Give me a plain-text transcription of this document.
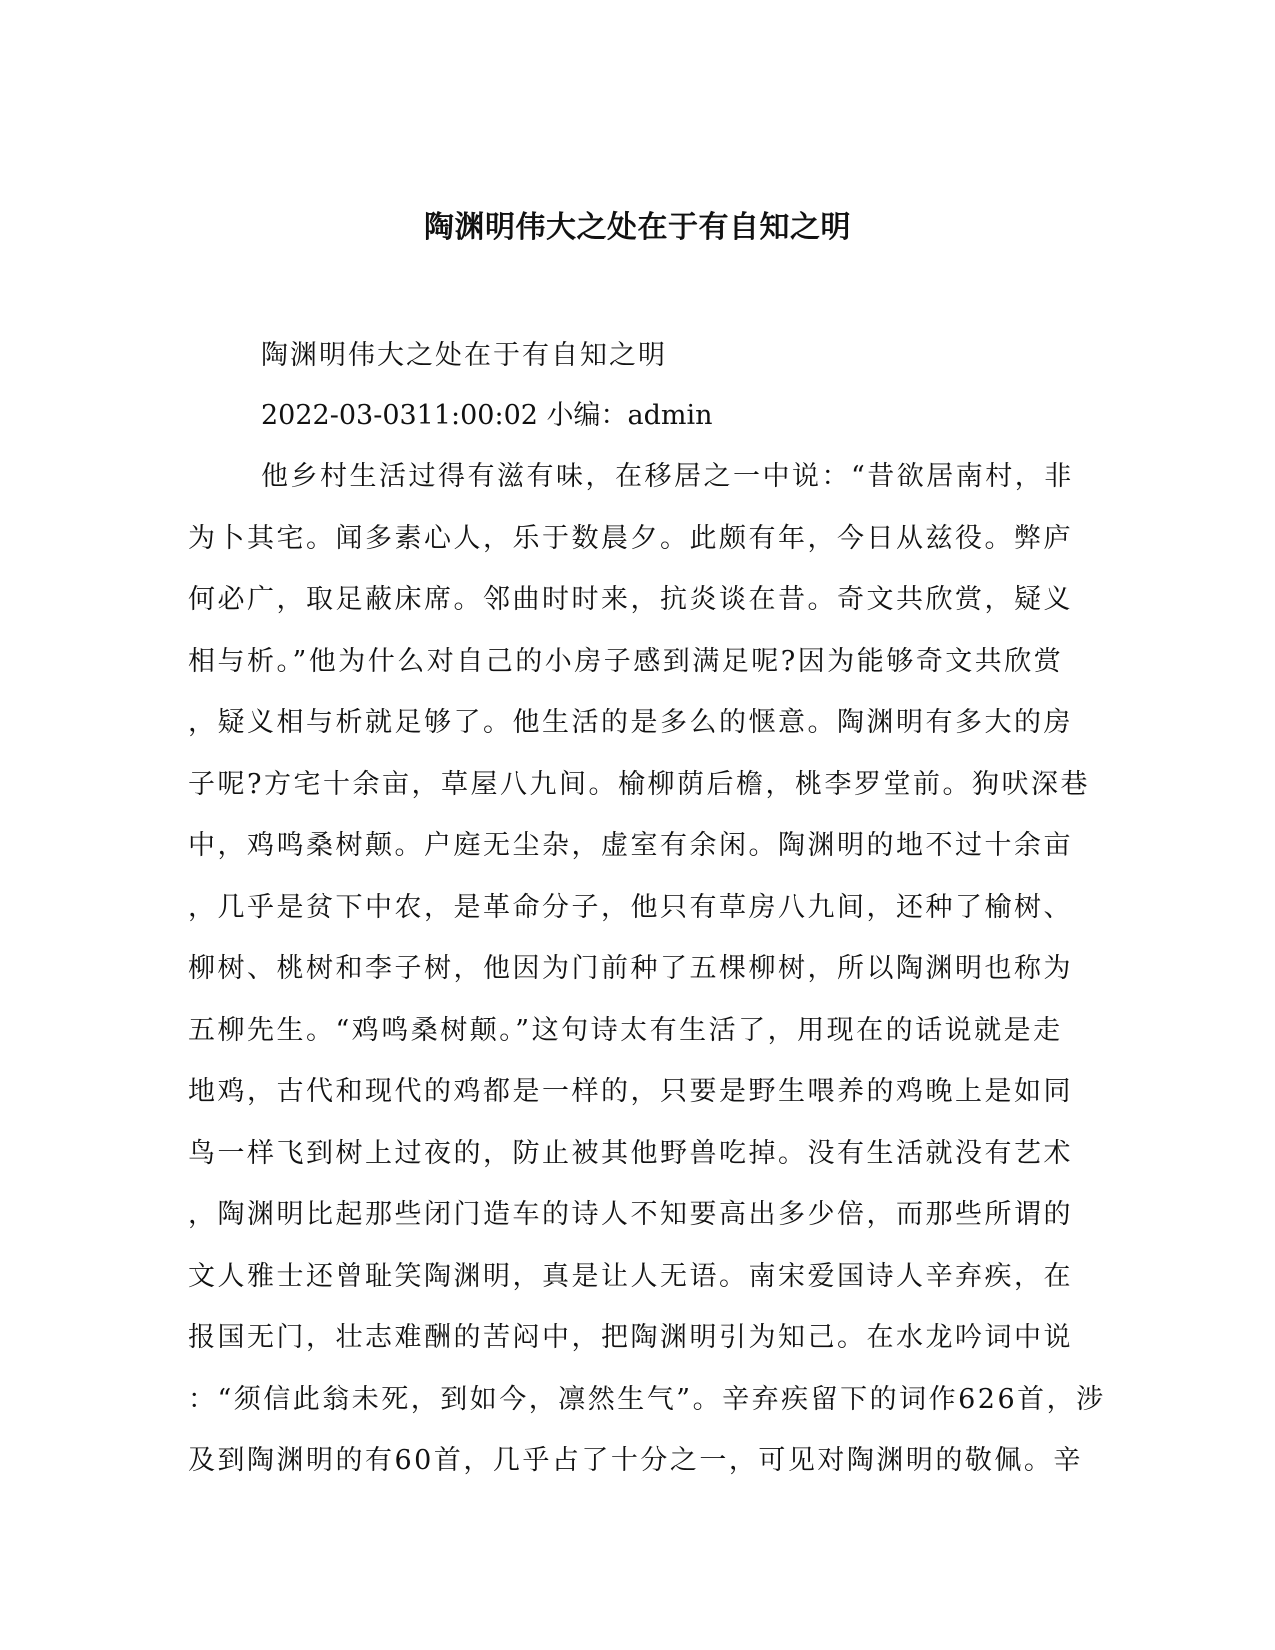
陶渊明伟大之处在于有自知之明
陶渊明伟大之处在于有自知之明
2022-03-0311:00:02 小编：admin
他乡村生活过得有滋有味，在移居之一中说：“昔欲居南村，非
为卜其宅。闻多素心人，乐于数晨夕。此颇有年，今日从兹役。弊庐
何必广，取足蔽床席。邻曲时时来，抗炎谈在昔。奇文共欣赏，疑义
相与析。”他为什么对自己的小房子感到满足呢?因为能够奇文共欣赏
，疑义相与析就足够了。他生活的是多么的惬意。陶渊明有多大的房
子呢?方宅十余亩，草屋八九间。榆柳荫后檐，桃李罗堂前。狗吠深巷
中，鸡鸣桑树颠。户庭无尘杂，虚室有余闲。陶渊明的地不过十余亩
，几乎是贫下中农，是革命分子，他只有草房八九间，还种了榆树、
柳树、桃树和李子树，他因为门前种了五棵柳树，所以陶渊明也称为
五柳先生。“鸡鸣桑树颠。”这句诗太有生活了，用现在的话说就是走
地鸡，古代和现代的鸡都是一样的，只要是野生喂养的鸡晚上是如同
鸟一样飞到树上过夜的，防止被其他野兽吃掉。没有生活就没有艺术
，陶渊明比起那些闭门造车的诗人不知要高出多少倍，而那些所谓的
文人雅士还曾耻笑陶渊明，真是让人无语。南宋爱国诗人辛弃疾，在
报国无门，壮志难酬的苦闷中，把陶渊明引为知己。在水龙吟词中说
：“须信此翁未死，到如今，凛然生气”。辛弃疾留下的词作626首，涉
及到陶渊明的有60首，几乎占了十分之一，可见对陶渊明的敬佩。辛
